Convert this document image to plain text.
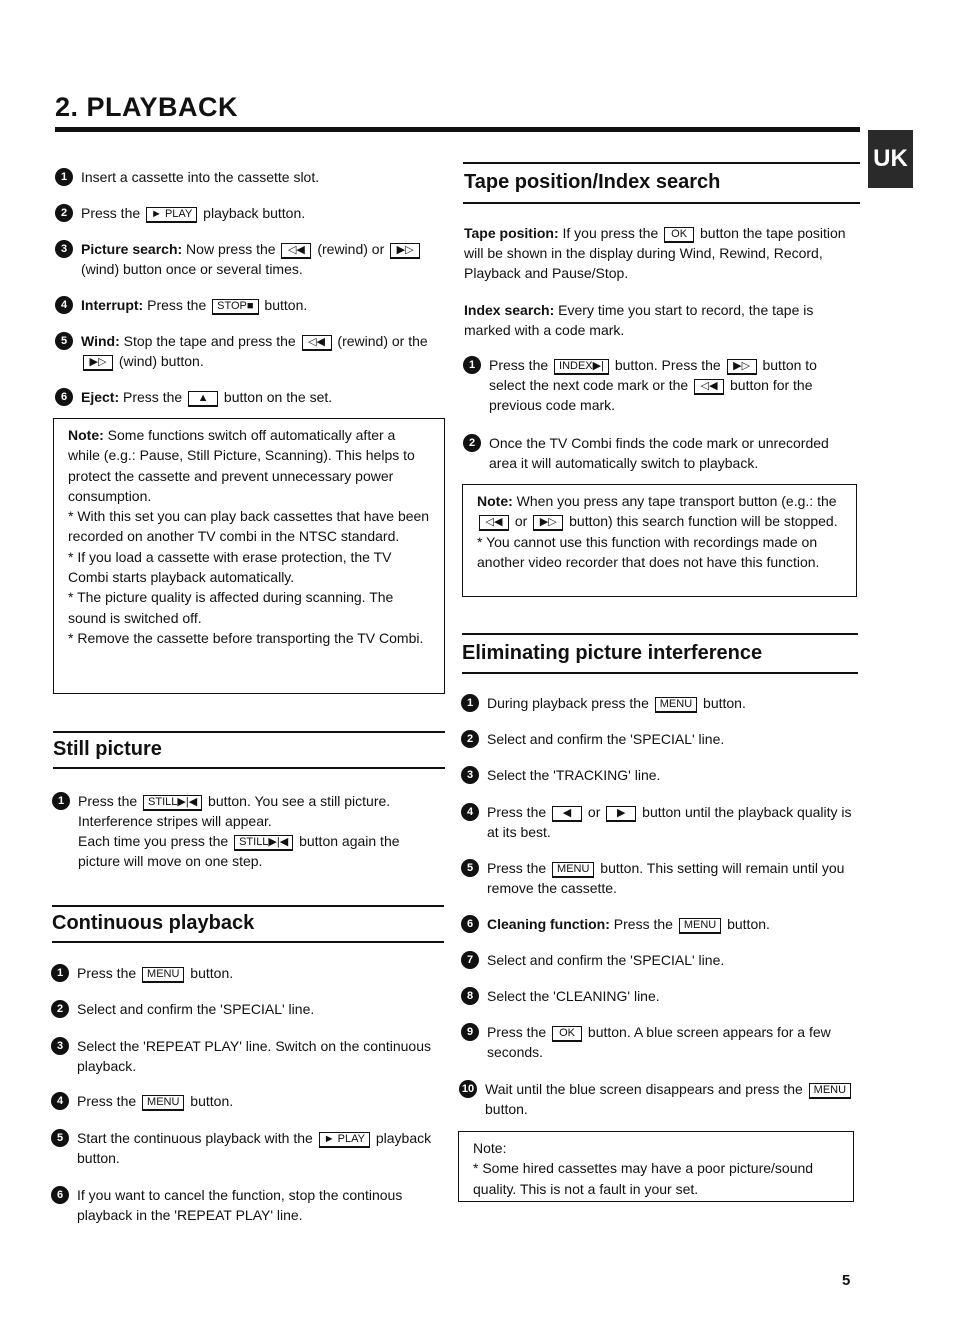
2. PLAYBACK
UK
1 Insert a cassette into the cassette slot.
2 Press the ► PLAY playback button.
3 Picture search: Now press the ◁◀ (rewind) or ▶▷ (wind) button once or several times.
4 Interrupt: Press the STOP■ button.
5 Wind: Stop the tape and press the ◁◀ (rewind) or the ▶▷ (wind) button.
6 Eject: Press the ▲ button on the set.
Note: Some functions switch off automatically after a while (e.g.: Pause, Still Picture, Scanning). This helps to protect the cassette and prevent unnecessary power consumption.
* With this set you can play back cassettes that have been recorded on another TV combi in the NTSC standard.
* If you load a cassette with erase protection, the TV Combi starts playback automatically.
* The picture quality is affected during scanning. The sound is switched off.
* Remove the cassette before transporting the TV Combi.
Still picture
1 Press the STILL▶|◀ button. You see a still picture. Interference stripes will appear.
Each time you press the STILL▶|◀ button again the picture will move on one step.
Continuous playback
1 Press the MENU button.
2 Select and confirm the 'SPECIAL' line.
3 Select the 'REPEAT PLAY' line. Switch on the continuous playback.
4 Press the MENU button.
5 Start the continuous playback with the ► PLAY playback button.
6 If you want to cancel the function, stop the continous playback in the 'REPEAT PLAY' line.
Tape position/Index search
Tape position: If you press the OK button the tape position will be shown in the display during Wind, Rewind, Record, Playback and Pause/Stop.
Index search: Every time you start to record, the tape is marked with a code mark.
1 Press the INDEX▶| button. Press the ▶▷ button to select the next code mark or the ◁◀ button for the previous code mark.
2 Once the TV Combi finds the code mark or unrecorded area it will automatically switch to playback.
Note: When you press any tape transport button (e.g.: the ◁◀ or ▶▷ button) this search function will be stopped.
* You cannot use this function with recordings made on another video recorder that does not have this function.
Eliminating picture interference
1 During playback press the MENU button.
2 Select and confirm the 'SPECIAL' line.
3 Select the 'TRACKING' line.
4 Press the ◀ or ▶ button until the playback quality is at its best.
5 Press the MENU button. This setting will remain until you remove the cassette.
6 Cleaning function: Press the MENU button.
7 Select and confirm the 'SPECIAL' line.
8 Select the 'CLEANING' line.
9 Press the OK button. A blue screen appears for a few seconds.
10 Wait until the blue screen disappears and press the MENU button.
Note:
* Some hired cassettes may have a poor picture/sound quality. This is not a fault in your set.
5
